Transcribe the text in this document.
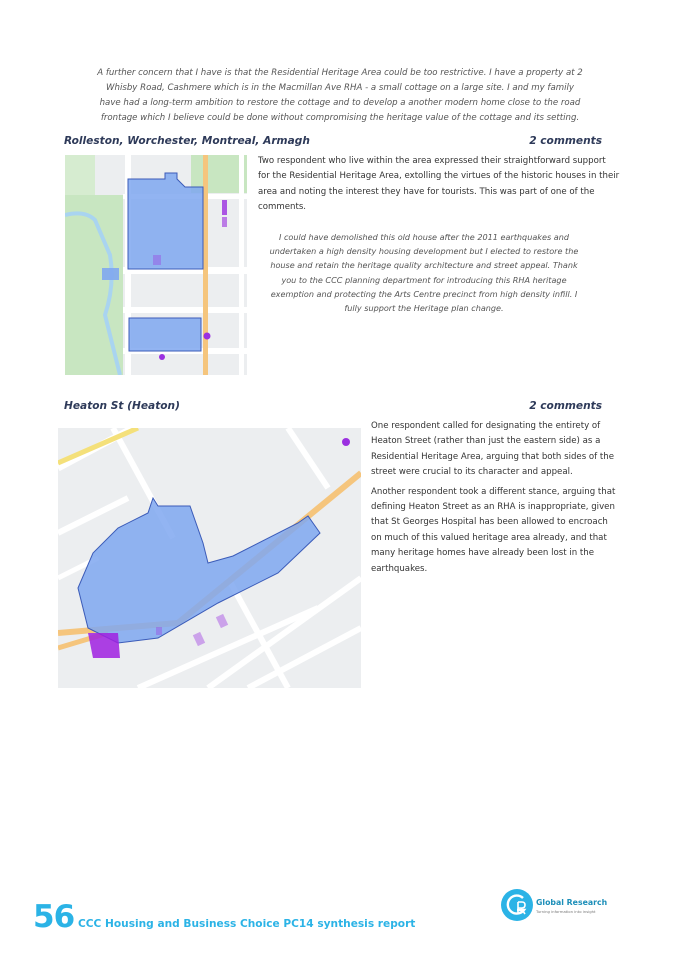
A further concern that I have is that the Residential Heritage Area could be too restrictive. I have a property at 2 Whisby Road, Cashmere which is in the Macmillan Ave RHA - a small cottage on a large site. I and my family have had a long-term ambition to restore the cottage and to develop a another modern home close to the road frontage which I believe could be done without compromising the heritage value of the cottage and its setting.
Rolleston, Worchester, Montreal, Armagh	2 comments
Two respondent who live within the area expressed their straightforward support for the Residential Heritage Area, extolling the virtues of the historic houses in their area and noting the interest they have for tourists. This was part of one of the comments.
I could have demolished this old house after the 2011 earthquakes and undertaken a high density housing development but I elected to restore the house and retain the heritage quality architecture and street appeal. Thank you to the CCC planning department for introducing this RHA heritage exemption and protecting the Arts Centre precinct from high density infill. I fully support the Heritage plan change.
Heaton St (Heaton)	2 comments

One respondent called for designating the entirety of Heaton Street (rather than just the eastern side) as a Residential Heritage Area, arguing that both sides of the street were crucial to its character and appeal.

Another respondent took a different stance, arguing that defining Heaton Street as an RHA is inappropriate, given that St Georges Hospital has been allowed to encroach on much of this valued heritage area already, and that many heritage homes have already been lost in the earthquakes.

56 CCC Housing and Business Choice PC14 synthesis report
Global Research
Turning information into insight
